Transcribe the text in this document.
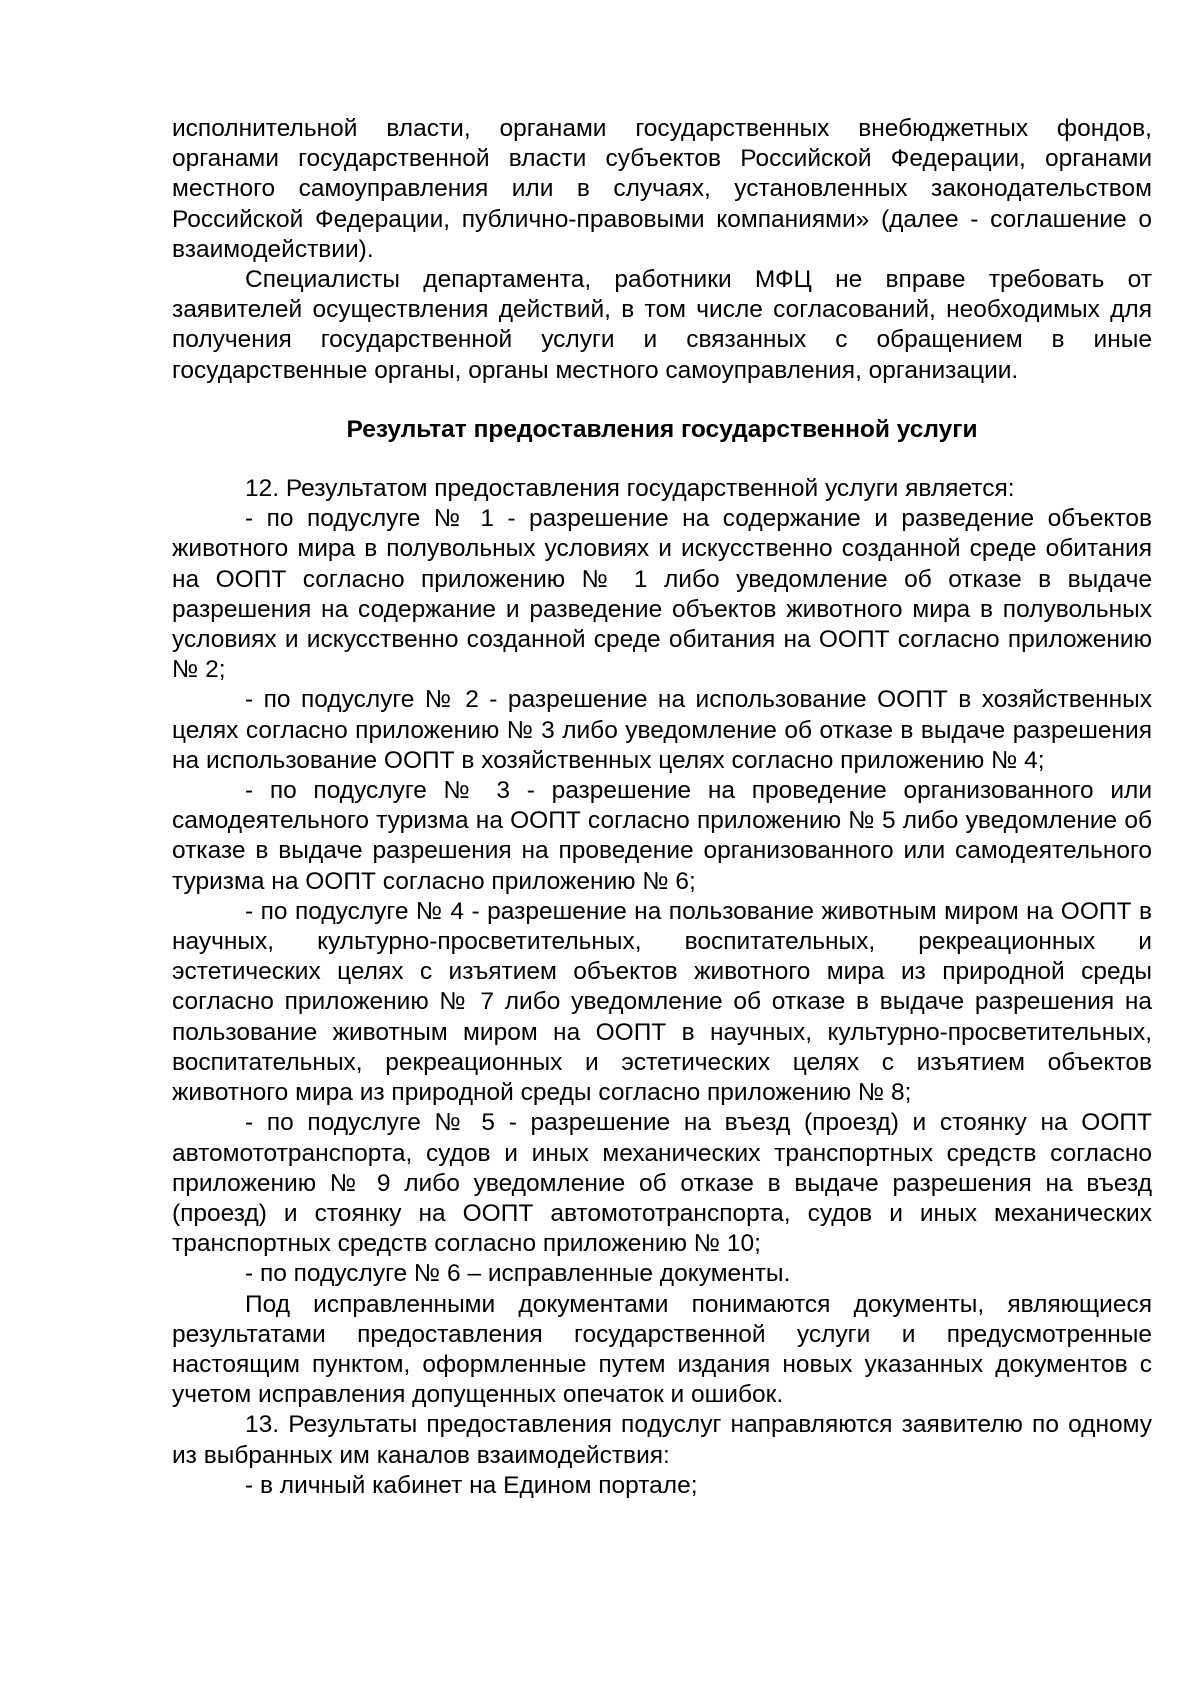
исполнительной власти, органами государственных внебюджетных фондов, органами государственной власти субъектов Российской Федерации, органами местного самоуправления или в случаях, установленных законодательством Российской Федерации, публично-правовыми компаниями» (далее - соглашение о взаимодействии).

Специалисты департамента, работники МФЦ не вправе требовать от заявителей осуществления действий, в том числе согласований, необходимых для получения государственной услуги и связанных с обращением в иные государственные органы, органы местного самоуправления, организации.

Результат предоставления государственной услуги

12. Результатом предоставления государственной услуги является:

- по подуслуге № 1 - разрешение на содержание и разведение объектов животного мира в полувольных условиях и искусственно созданной среде обитания на ООПТ согласно приложению № 1 либо уведомление об отказе в выдаче разрешения на содержание и разведение объектов животного мира в полувольных условиях и искусственно созданной среде обитания на ООПТ согласно приложению № 2;

- по подуслуге № 2 - разрешение на использование ООПТ в хозяйственных целях согласно приложению № 3 либо уведомление об отказе в выдаче разрешения на использование ООПТ в хозяйственных целях согласно приложению № 4;

- по подуслуге № 3 - разрешение на проведение организованного или самодеятельного туризма на ООПТ согласно приложению № 5 либо уведомление об отказе в выдаче разрешения на проведение организованного или самодеятельного туризма на ООПТ согласно приложению № 6;

- по подуслуге № 4 - разрешение на пользование животным миром на ООПТ в научных, культурно-просветительных, воспитательных, рекреационных и эстетических целях с изъятием объектов животного мира из природной среды согласно приложению № 7 либо уведомление об отказе в выдаче разрешения на пользование животным миром на ООПТ в научных, культурно-просветительных, воспитательных, рекреационных и эстетических целях с изъятием объектов животного мира из природной среды согласно приложению № 8;

- по подуслуге № 5 - разрешение на въезд (проезд) и стоянку на ООПТ автомототранспорта, судов и иных механических транспортных средств согласно приложению № 9 либо уведомление об отказе в выдаче разрешения на въезд (проезд) и стоянку на ООПТ автомототранспорта, судов и иных механических транспортных средств согласно приложению № 10;

- по подуслуге № 6 – исправленные документы.

Под исправленными документами понимаются документы, являющиеся результатами предоставления государственной услуги и предусмотренные настоящим пунктом, оформленные путем издания новых указанных документов с учетом исправления допущенных опечаток и ошибок.

13. Результаты предоставления подуслуг направляются заявителю по одному из выбранных им каналов взаимодействия:

- в личный кабинет на Едином портале;
